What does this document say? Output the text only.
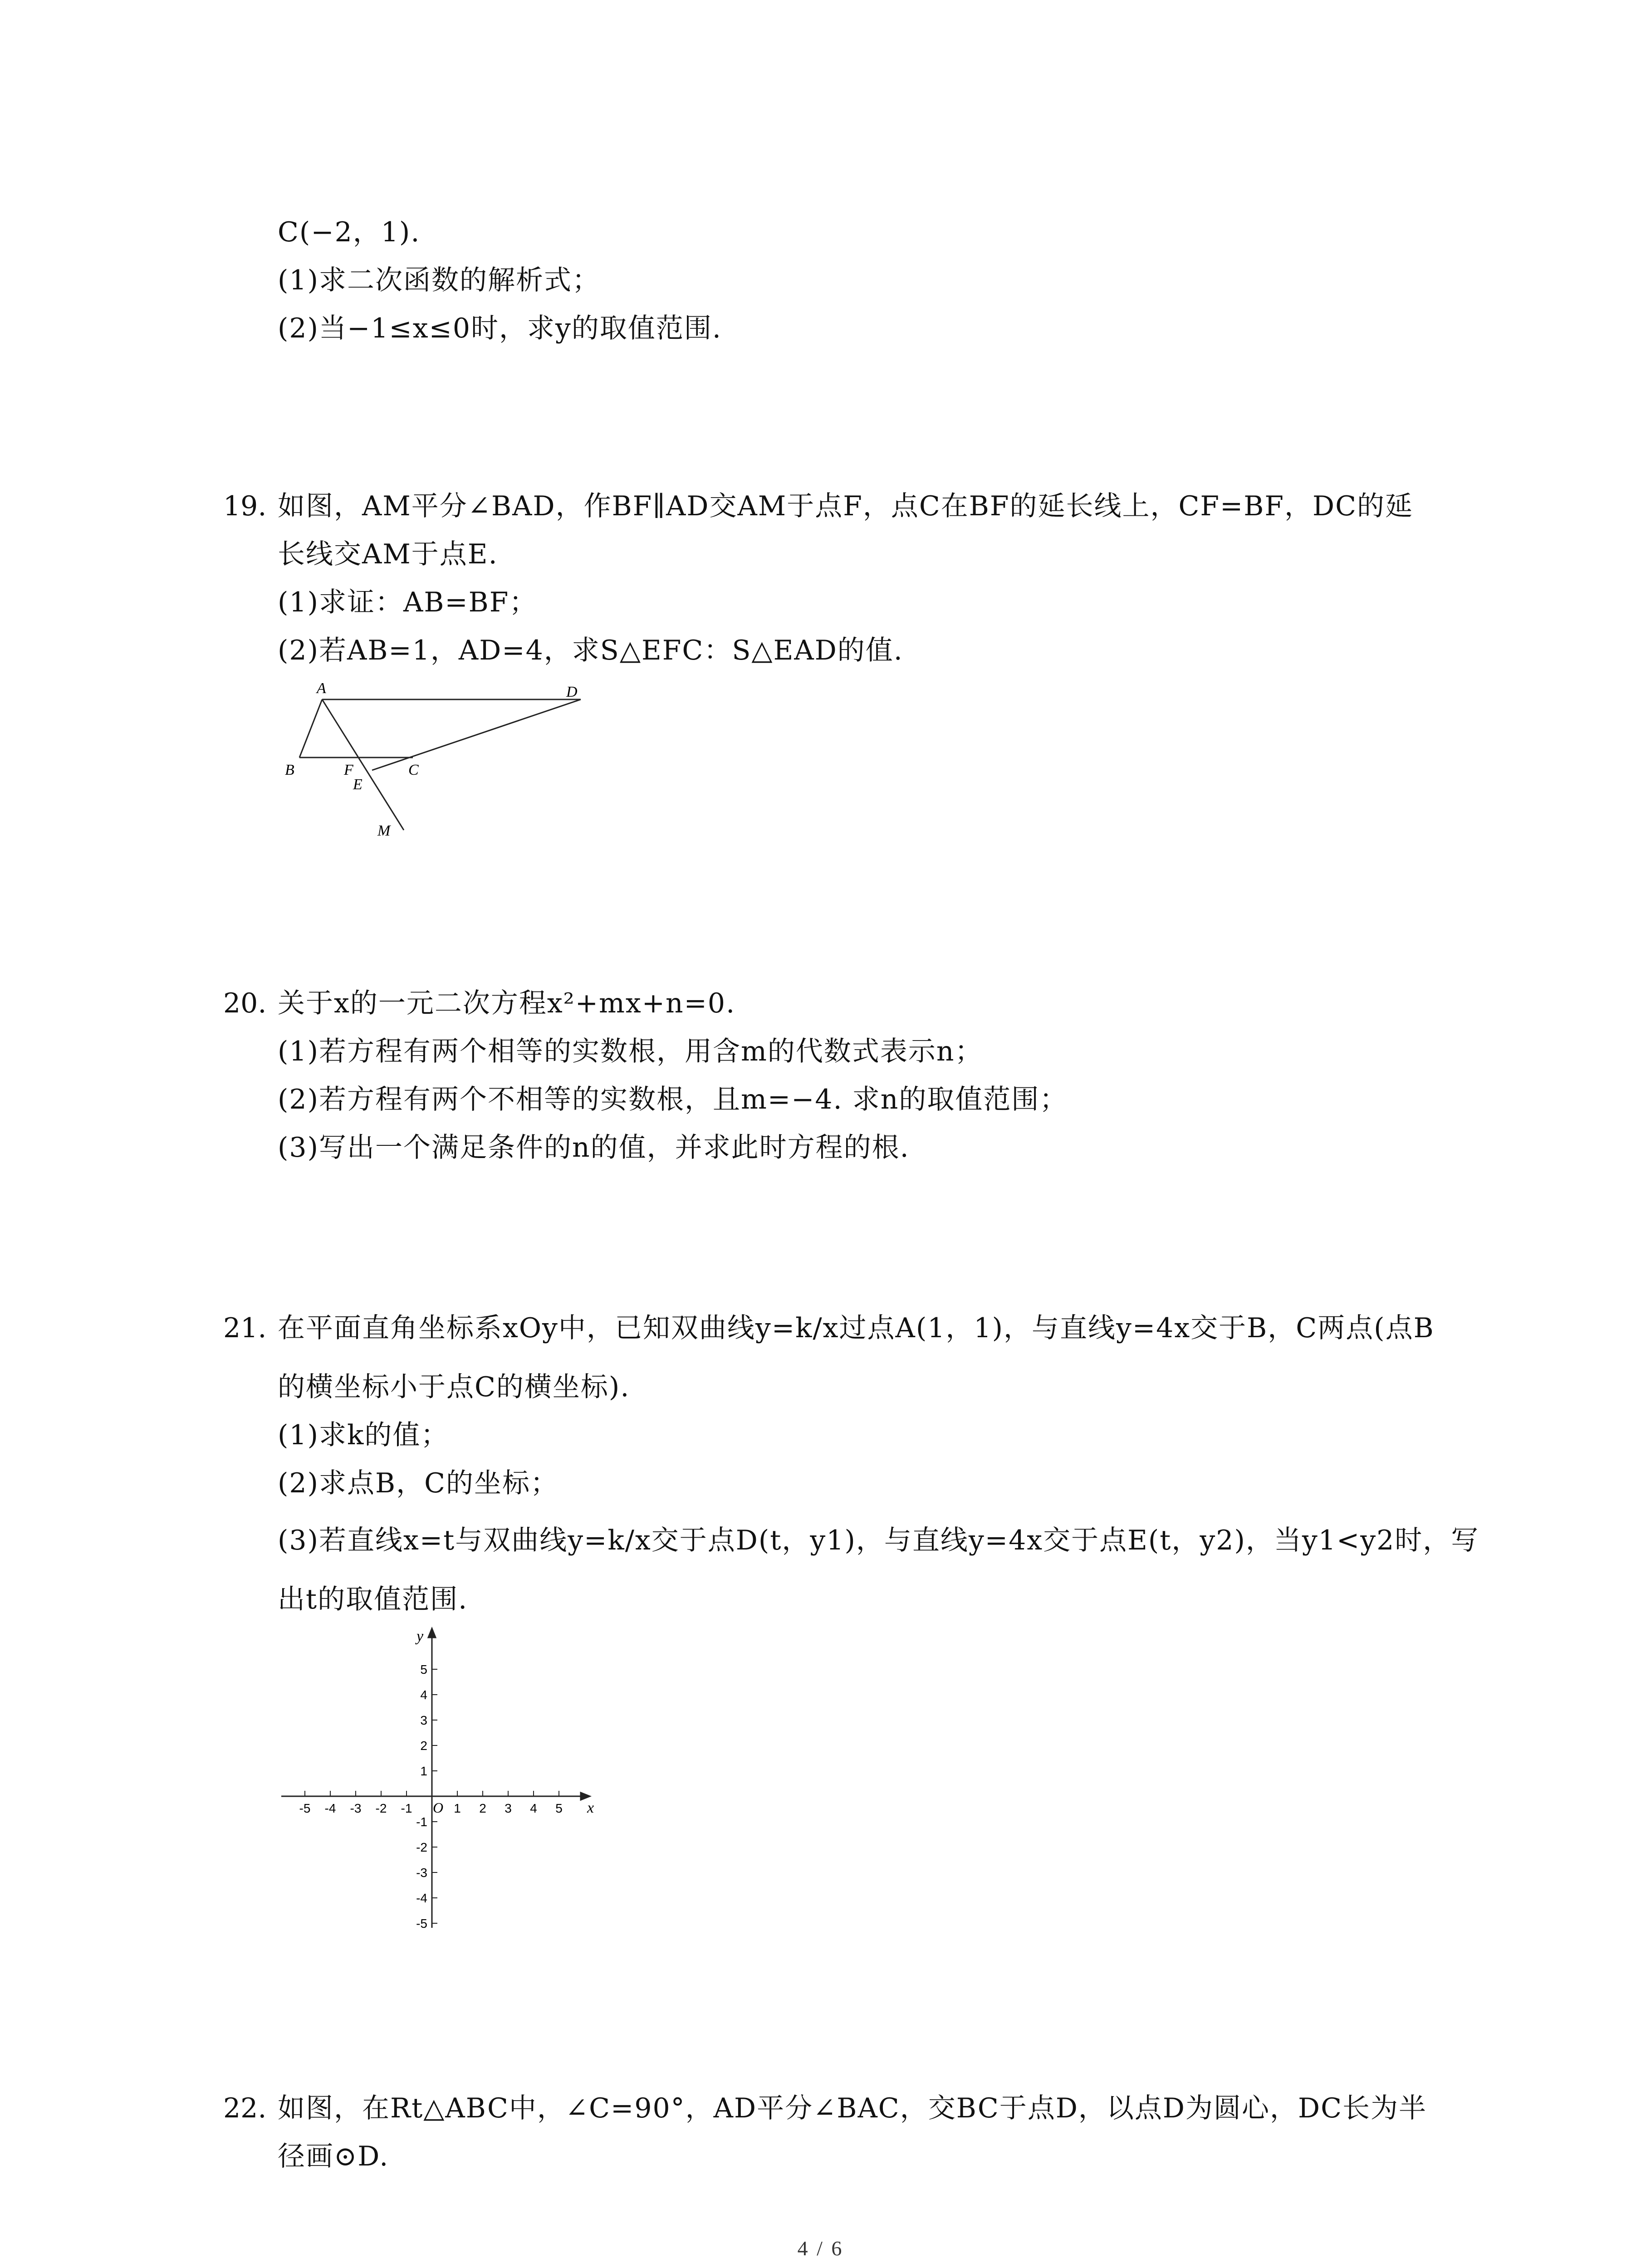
C(−2，1).
(1)求二次函数的解析式；
(2)当−1≤x≤0时，求y的取值范围.
19. 如图，AM平分∠BAD，作BF∥AD交AM于点F，点C在BF的延长线上，CF=BF，DC的延
长线交AM于点E.
(1)求证：AB=BF；
(2)若AB=1，AD=4，求S△EFC：S△EAD的值.
A	D
B	F	C
E
M
20. 关于x的一元二次方程x²+mx+n=0.
(1)若方程有两个相等的实数根，用含m的代数式表示n；
(2)若方程有两个不相等的实数根，且m=−4. 求n的取值范围；
(3)写出一个满足条件的n的值，并求此时方程的根.
21. 在平面直角坐标系xOy中，已知双曲线y=k/x过点A(1，1)，与直线y=4x交于B，C两点(点B
的横坐标小于点C的横坐标).
(1)求k的值；
(2)求点B，C的坐标；
(3)若直线x=t与双曲线y=k/x交于点D(t，y1)，与直线y=4x交于点E(t，y2)，当y1<y2时，写
出t的取值范围.
x
y
O
-5 -4 -3 -2 -1	1 2 3 4 5
5
4
3
2
1
-1
-2
-3
-4
-5
22. 如图，在Rt△ABC中，∠C=90°，AD平分∠BAC，交BC于点D，以点D为圆心，DC长为半
径画⊙D.
4 / 6
